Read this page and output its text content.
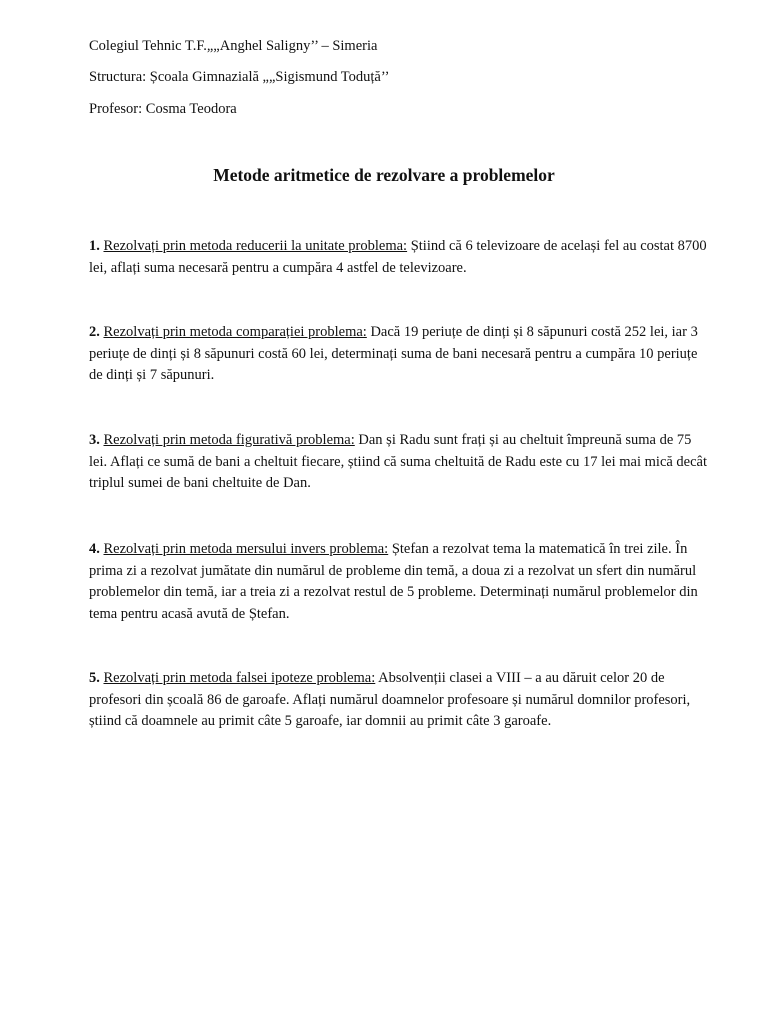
Colegiul Tehnic T.F.„„Anghel Saligny’’ – Simeria
Structura: Școala Gimnazială „„Sigismund Toduță’’
Profesor: Cosma Teodora
Metode aritmetice de rezolvare a problemelor
1. Rezolvați prin metoda reducerii la unitate problema: Știind că 6 televizoare de același fel au costat 8700 lei, aflați suma necesară pentru a cumpăra 4 astfel de televizoare.
2. Rezolvați prin metoda comparației problema: Dacă 19 periuțe de dinți și 8 săpunuri costă 252 lei, iar 3 periuțe de dinți și 8 săpunuri costă 60 lei, determinați suma de bani necesară pentru a cumpăra 10 periuțe de dinți și 7 săpunuri.
3. Rezolvați prin metoda figurativă problema: Dan și Radu sunt frați și au cheltuit împreună suma de 75 lei. Aflați ce sumă de bani a cheltuit fiecare, știind că suma cheltuită de Radu este cu 17 lei mai mică decât triplul sumei de bani cheltuite de Dan.
4. Rezolvați prin metoda mersului invers problema: Ștefan a rezolvat tema la matematică în trei zile. În prima zi a rezolvat jumătate din numărul de probleme din temă, a doua zi a rezolvat un sfert din numărul problemelor din temă, iar a treia zi a rezolvat restul de 5 probleme. Determinați numărul problemelor din tema pentru acasă avută de Ștefan.
5. Rezolvați prin metoda falsei ipoteze problema: Absolvenții clasei a VIII – a au dăruit celor 20 de profesori din școală 86 de garoafe. Aflați numărul doamnelor profesoare și numărul domnilor profesori, știind că doamnele au primit câte 5 garoafe, iar domnii au primit câte 3 garoafe.
